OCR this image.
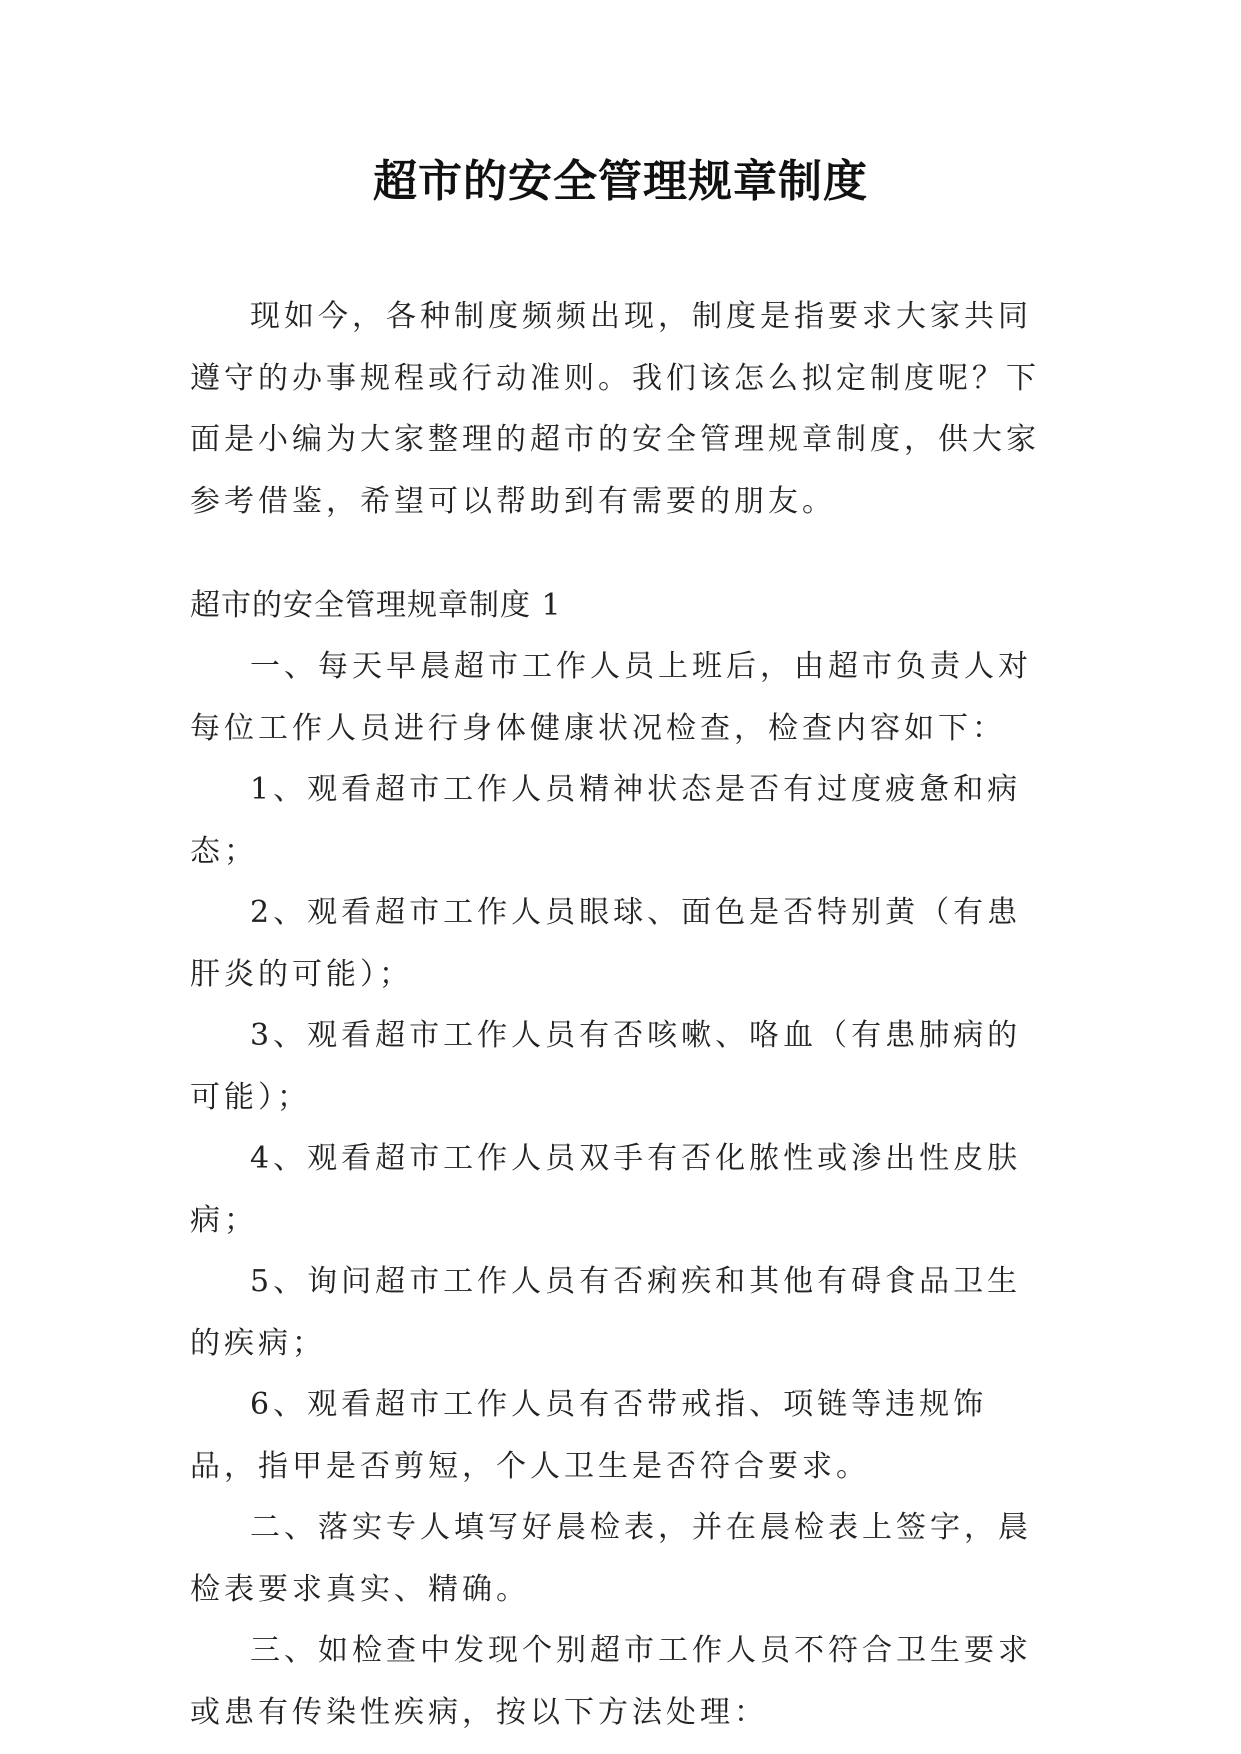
超市的安全管理规章制度
现如今，各种制度频频出现，制度是指要求大家共同遵守的办事规程或行动准则。我们该怎么拟定制度呢？下面是小编为大家整理的超市的安全管理规章制度，供大家参考借鉴，希望可以帮助到有需要的朋友。
超市的安全管理规章制度 1

一、每天早晨超市工作人员上班后，由超市负责人对每位工作人员进行身体健康状况检查，检查内容如下：

1、观看超市工作人员精神状态是否有过度疲惫和病态；

2、观看超市工作人员眼球、面色是否特别黄（有患肝炎的可能）；

3、观看超市工作人员有否咳嗽、咯血（有患肺病的可能）；

4、观看超市工作人员双手有否化脓性或渗出性皮肤病；

5、询问超市工作人员有否痢疾和其他有碍食品卫生的疾病；

6、观看超市工作人员有否带戒指、项链等违规饰品，指甲是否剪短，个人卫生是否符合要求。

二、落实专人填写好晨检表，并在晨检表上签字，晨检表要求真实、精确。

三、如检查中发现个别超市工作人员不符合卫生要求或患有传染性疾病，按以下方法处理：
